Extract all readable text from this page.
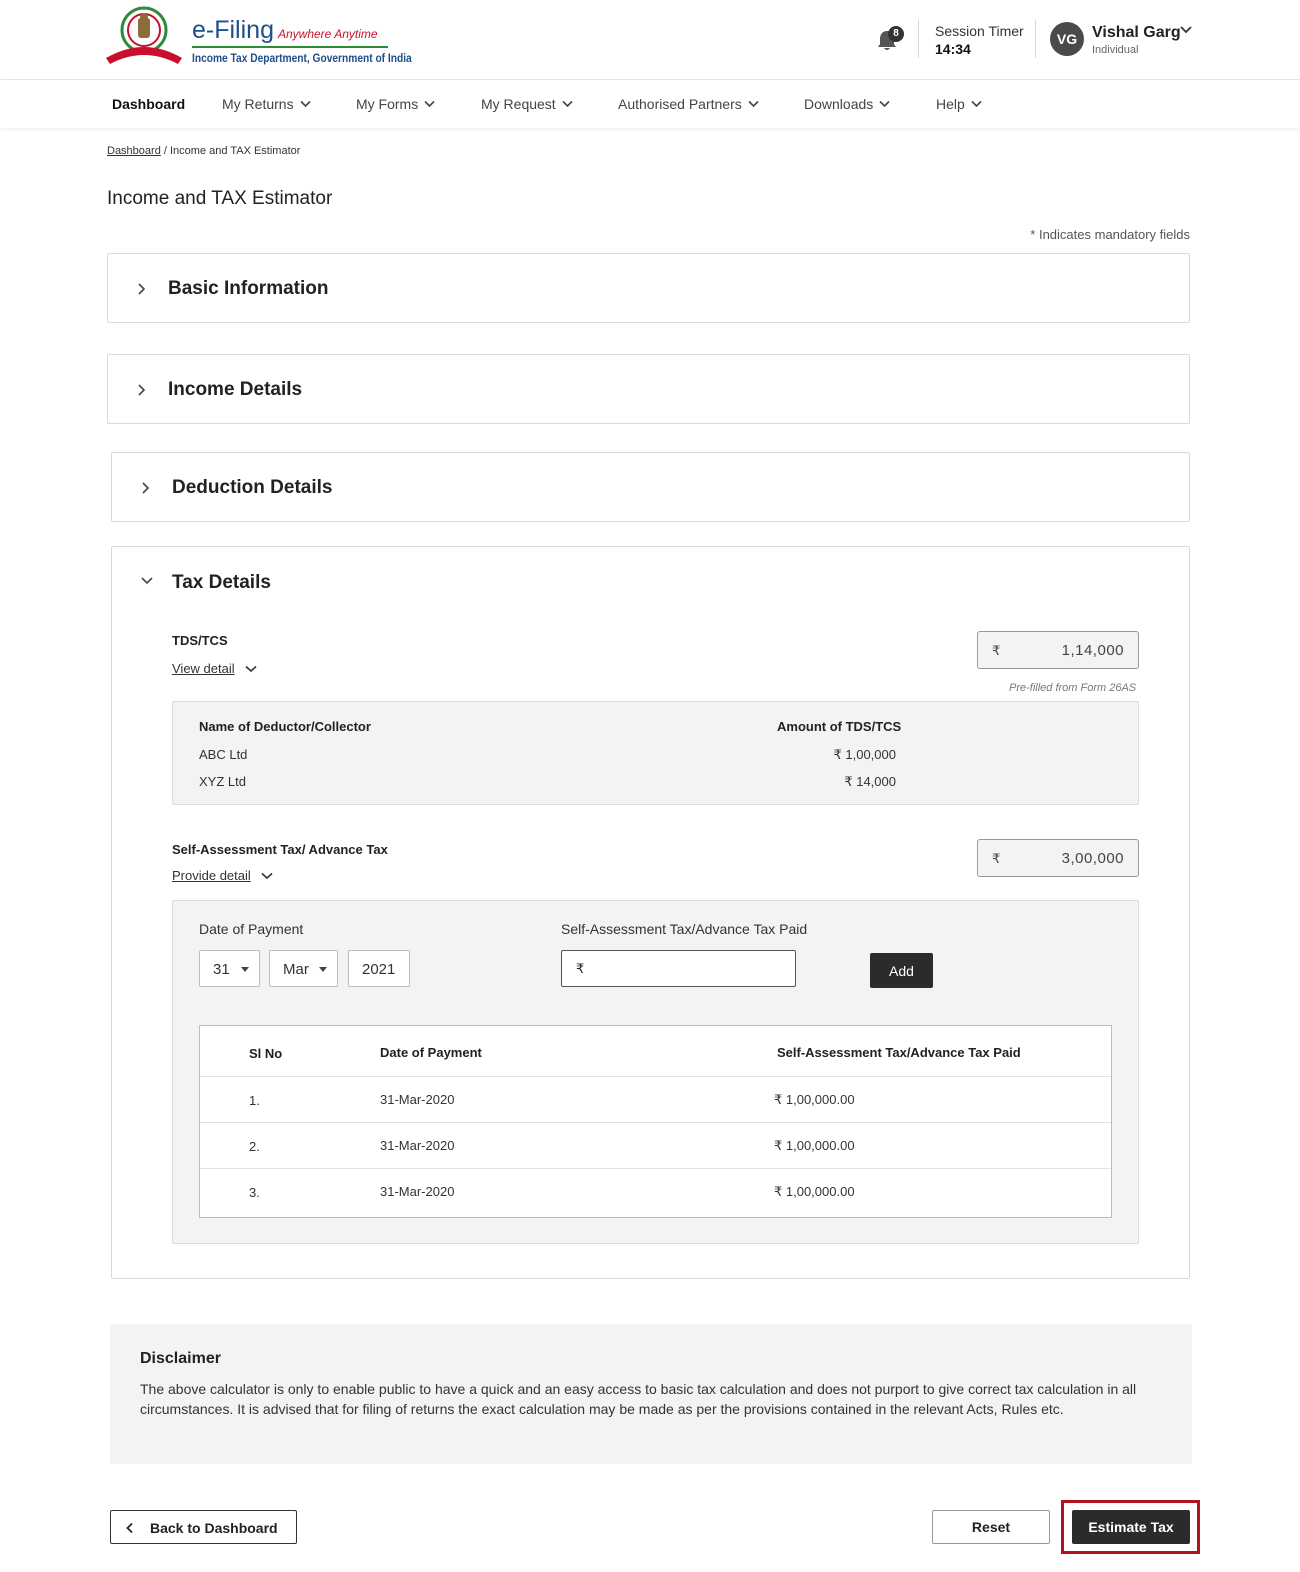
e-Filing Anywhere Anytime
Income Tax Department, Government of India
8	Session Timer
14:34
VG Vishal Garg
Individual
Dashboard	My Returns	My Forms	My Request	Authorised Partners	Downloads	Help
Dashboard / Income and TAX Estimator
Income and TAX Estimator
* Indicates mandatory fields
Basic Information
Income Details
Deduction Details
Tax Details
TDS/TCS
View detail
₹	1,14,000
Pre-filled from Form 26AS
Name of Deductor/Collector	Amount of TDS/TCS
ABC Ltd	₹ 1,00,000
XYZ Ltd	₹ 14,000
Self-Assessment Tax/ Advance Tax
Provide detail
₹	3,00,000
Date of Payment	Self-Assessment Tax/Advance Tax Paid
31	Mar	2021	₹	Add
Sl No	Date of Payment	Self-Assessment Tax/Advance Tax Paid
1.	31-Mar-2020	₹ 1,00,000.00
2.	31-Mar-2020	₹ 1,00,000.00
3.	31-Mar-2020	₹ 1,00,000.00
Disclaimer
The above calculator is only to enable public to have a quick and an easy access to basic tax calculation and does not purport to give correct tax calculation in all circumstances. It is advised that for filing of returns the exact calculation may be made as per the provisions contained in the relevant Acts, Rules etc.
Back to Dashboard	Reset	Estimate Tax
